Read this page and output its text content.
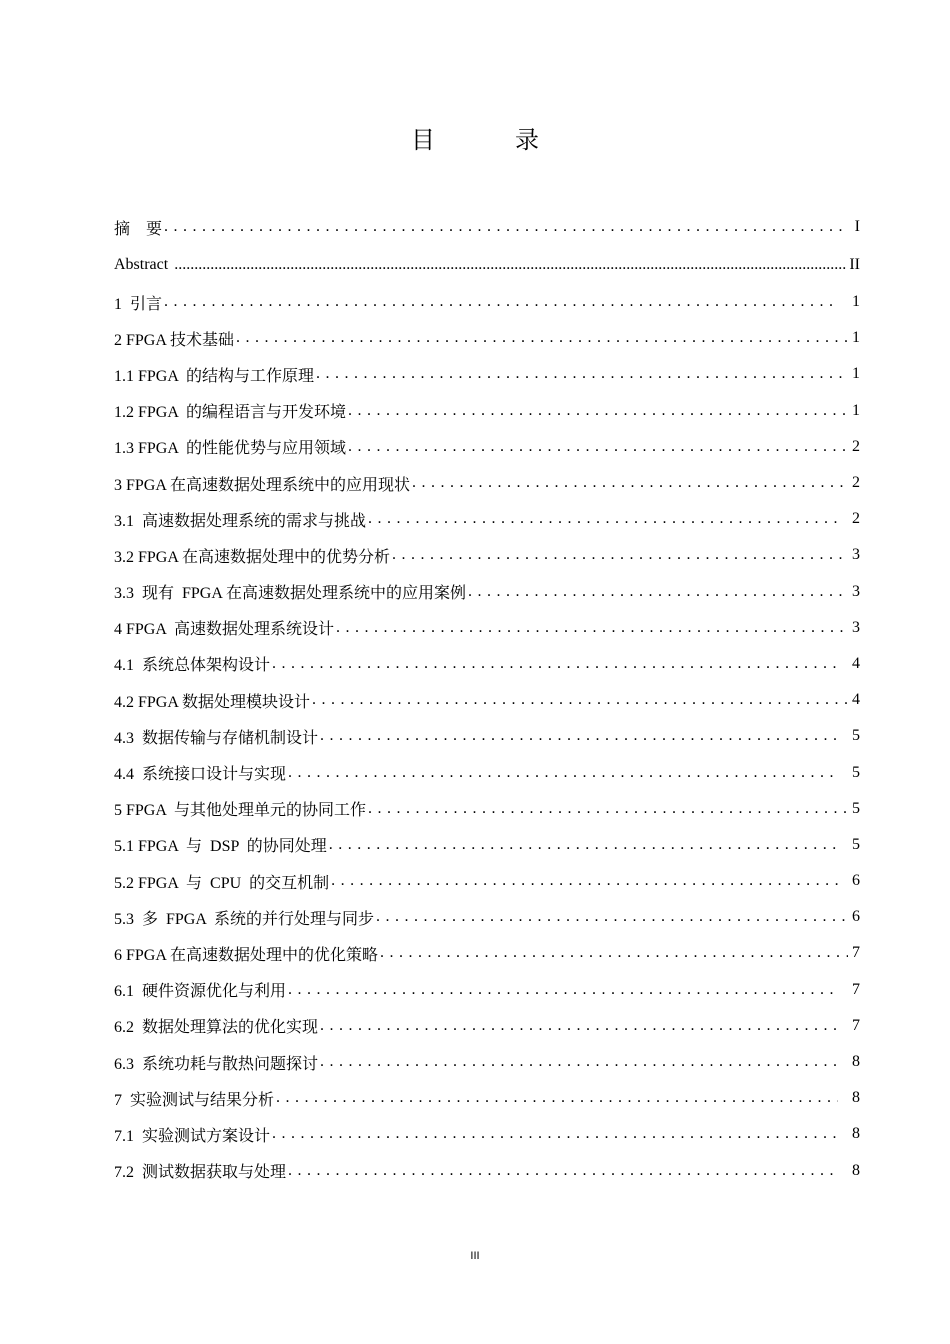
目　录
摘　要 . . .	I
Abstract .....	II
1  引言 . . .	1
2 FPGA 技术基础 . . .	1
1.1 FPGA  的结构与工作原理 . . .	1
1.2 FPGA  的编程语言与开发环境 . . .	1
1.3 FPGA  的性能优势与应用领域 . . .	2
3 FPGA 在高速数据处理系统中的应用现状 . . .	2
3.1  高速数据处理系统的需求与挑战 . . .	2
3.2 FPGA 在高速数据处理中的优势分析 . . .	3
3.3  现有  FPGA 在高速数据处理系统中的应用案例 . . .	3
4 FPGA  高速数据处理系统设计 . . .	3
4.1  系统总体架构设计 . . .	4
4.2 FPGA 数据处理模块设计 . . .	4
4.3  数据传输与存储机制设计 . . .	5
4.4  系统接口设计与实现 . . .	5
5 FPGA  与其他处理单元的协同工作 . . .	5
5.1 FPGA  与  DSP  的协同处理 . . .	5
5.2 FPGA  与  CPU  的交互机制 . . .	6
5.3  多  FPGA  系统的并行处理与同步 . . .	6
6 FPGA 在高速数据处理中的优化策略 . . .	7
6.1  硬件资源优化与利用 . . .	7
6.2  数据处理算法的优化实现 . . .	7
6.3  系统功耗与散热问题探讨 . . .	8
7  实验测试与结果分析 . . .	8
7.1  实验测试方案设计 . . .	8
7.2  测试数据获取与处理 . . .	8
III
